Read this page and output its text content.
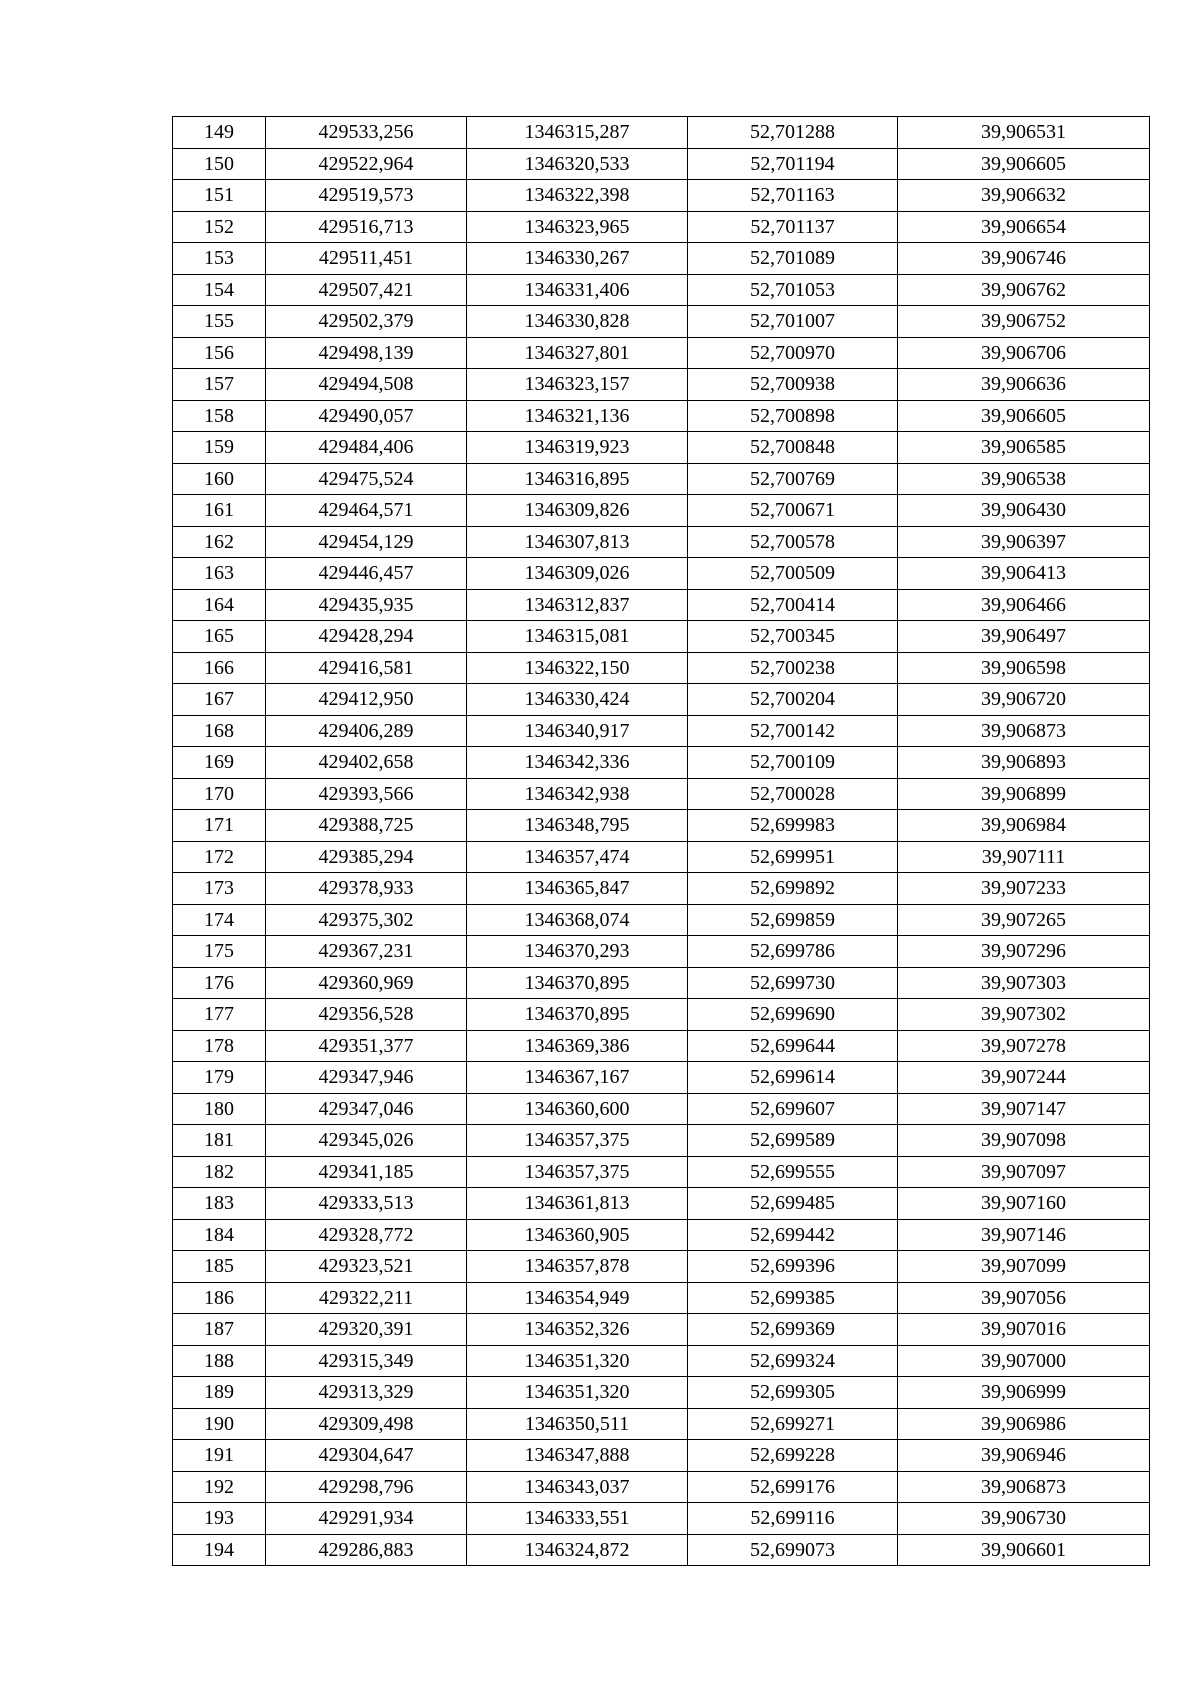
149	429533,256	1346315,287	52,701288	39,906531
150	429522,964	1346320,533	52,701194	39,906605
151	429519,573	1346322,398	52,701163	39,906632
152	429516,713	1346323,965	52,701137	39,906654
153	429511,451	1346330,267	52,701089	39,906746
154	429507,421	1346331,406	52,701053	39,906762
155	429502,379	1346330,828	52,701007	39,906752
156	429498,139	1346327,801	52,700970	39,906706
157	429494,508	1346323,157	52,700938	39,906636
158	429490,057	1346321,136	52,700898	39,906605
159	429484,406	1346319,923	52,700848	39,906585
160	429475,524	1346316,895	52,700769	39,906538
161	429464,571	1346309,826	52,700671	39,906430
162	429454,129	1346307,813	52,700578	39,906397
163	429446,457	1346309,026	52,700509	39,906413
164	429435,935	1346312,837	52,700414	39,906466
165	429428,294	1346315,081	52,700345	39,906497
166	429416,581	1346322,150	52,700238	39,906598
167	429412,950	1346330,424	52,700204	39,906720
168	429406,289	1346340,917	52,700142	39,906873
169	429402,658	1346342,336	52,700109	39,906893
170	429393,566	1346342,938	52,700028	39,906899
171	429388,725	1346348,795	52,699983	39,906984
172	429385,294	1346357,474	52,699951	39,907111
173	429378,933	1346365,847	52,699892	39,907233
174	429375,302	1346368,074	52,699859	39,907265
175	429367,231	1346370,293	52,699786	39,907296
176	429360,969	1346370,895	52,699730	39,907303
177	429356,528	1346370,895	52,699690	39,907302
178	429351,377	1346369,386	52,699644	39,907278
179	429347,946	1346367,167	52,699614	39,907244
180	429347,046	1346360,600	52,699607	39,907147
181	429345,026	1346357,375	52,699589	39,907098
182	429341,185	1346357,375	52,699555	39,907097
183	429333,513	1346361,813	52,699485	39,907160
184	429328,772	1346360,905	52,699442	39,907146
185	429323,521	1346357,878	52,699396	39,907099
186	429322,211	1346354,949	52,699385	39,907056
187	429320,391	1346352,326	52,699369	39,907016
188	429315,349	1346351,320	52,699324	39,907000
189	429313,329	1346351,320	52,699305	39,906999
190	429309,498	1346350,511	52,699271	39,906986
191	429304,647	1346347,888	52,699228	39,906946
192	429298,796	1346343,037	52,699176	39,906873
193	429291,934	1346333,551	52,699116	39,906730
194	429286,883	1346324,872	52,699073	39,906601
